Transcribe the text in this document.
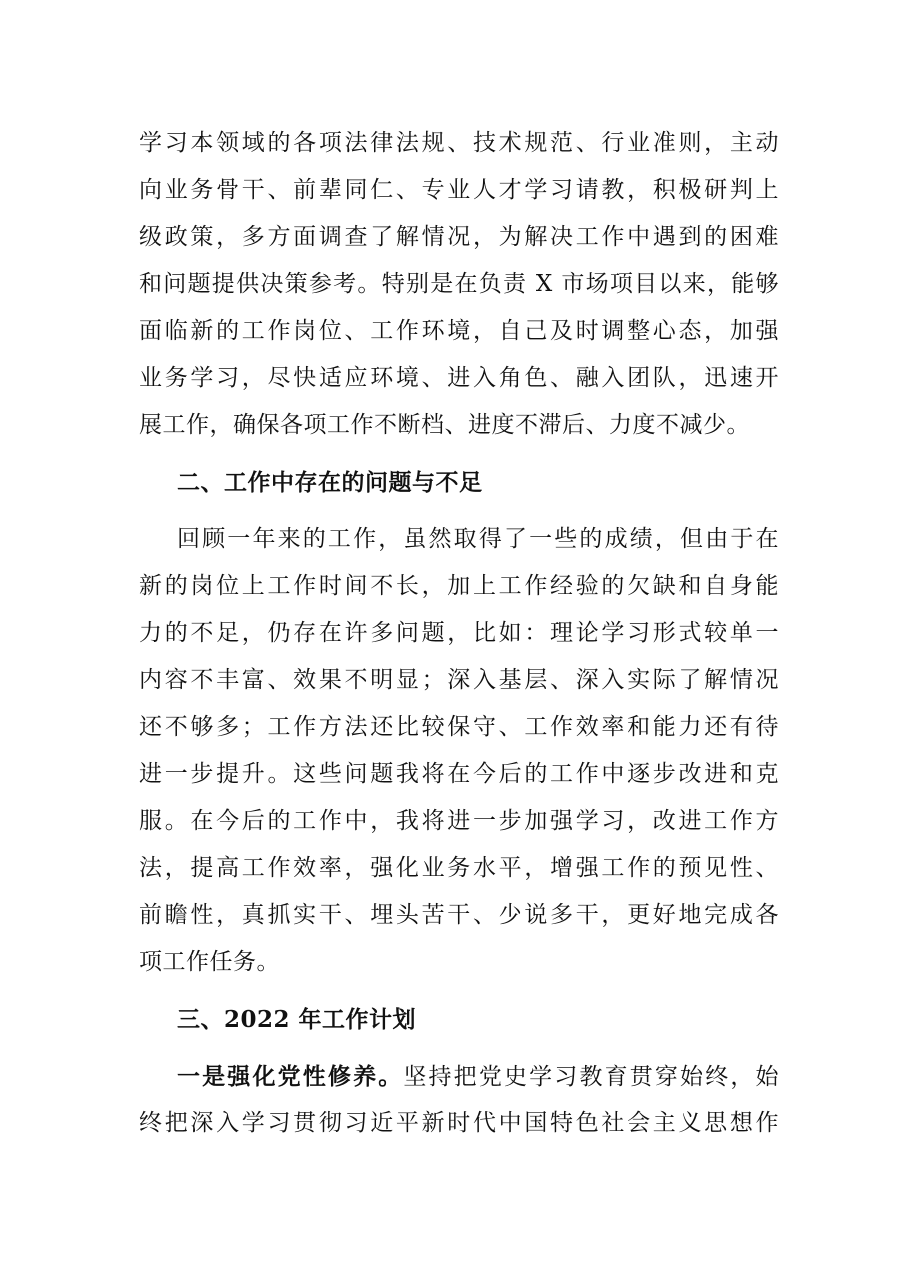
学习本领域的各项法律法规、技术规范、行业准则，主动
向业务骨干、前辈同仁、专业人才学习请教，积极研判上
级政策，多方面调查了解情况，为解决工作中遇到的困难
和问题提供决策参考。特别是在负责 X 市场项目以来，能够
面临新的工作岗位、工作环境，自己及时调整心态，加强
业务学习，尽快适应环境、进入角色、融入团队，迅速开
展工作，确保各项工作不断档、进度不滞后、力度不减少。
二、工作中存在的问题与不足
回顾一年来的工作，虽然取得了一些的成绩，但由于在
新的岗位上工作时间不长，加上工作经验的欠缺和自身能
力的不足，仍存在许多问题，比如：理论学习形式较单一
内容不丰富、效果不明显；深入基层、深入实际了解情况
还不够多；工作方法还比较保守、工作效率和能力还有待
进一步提升。这些问题我将在今后的工作中逐步改进和克
服。在今后的工作中，我将进一步加强学习，改进工作方
法，提高工作效率，强化业务水平，增强工作的预见性、
前瞻性，真抓实干、埋头苦干、少说多干，更好地完成各
项工作任务。
三、2022 年工作计划
一是强化党性修养。坚持把党史学习教育贯穿始终，始
终把深入学习贯彻习近平新时代中国特色社会主义思想作
